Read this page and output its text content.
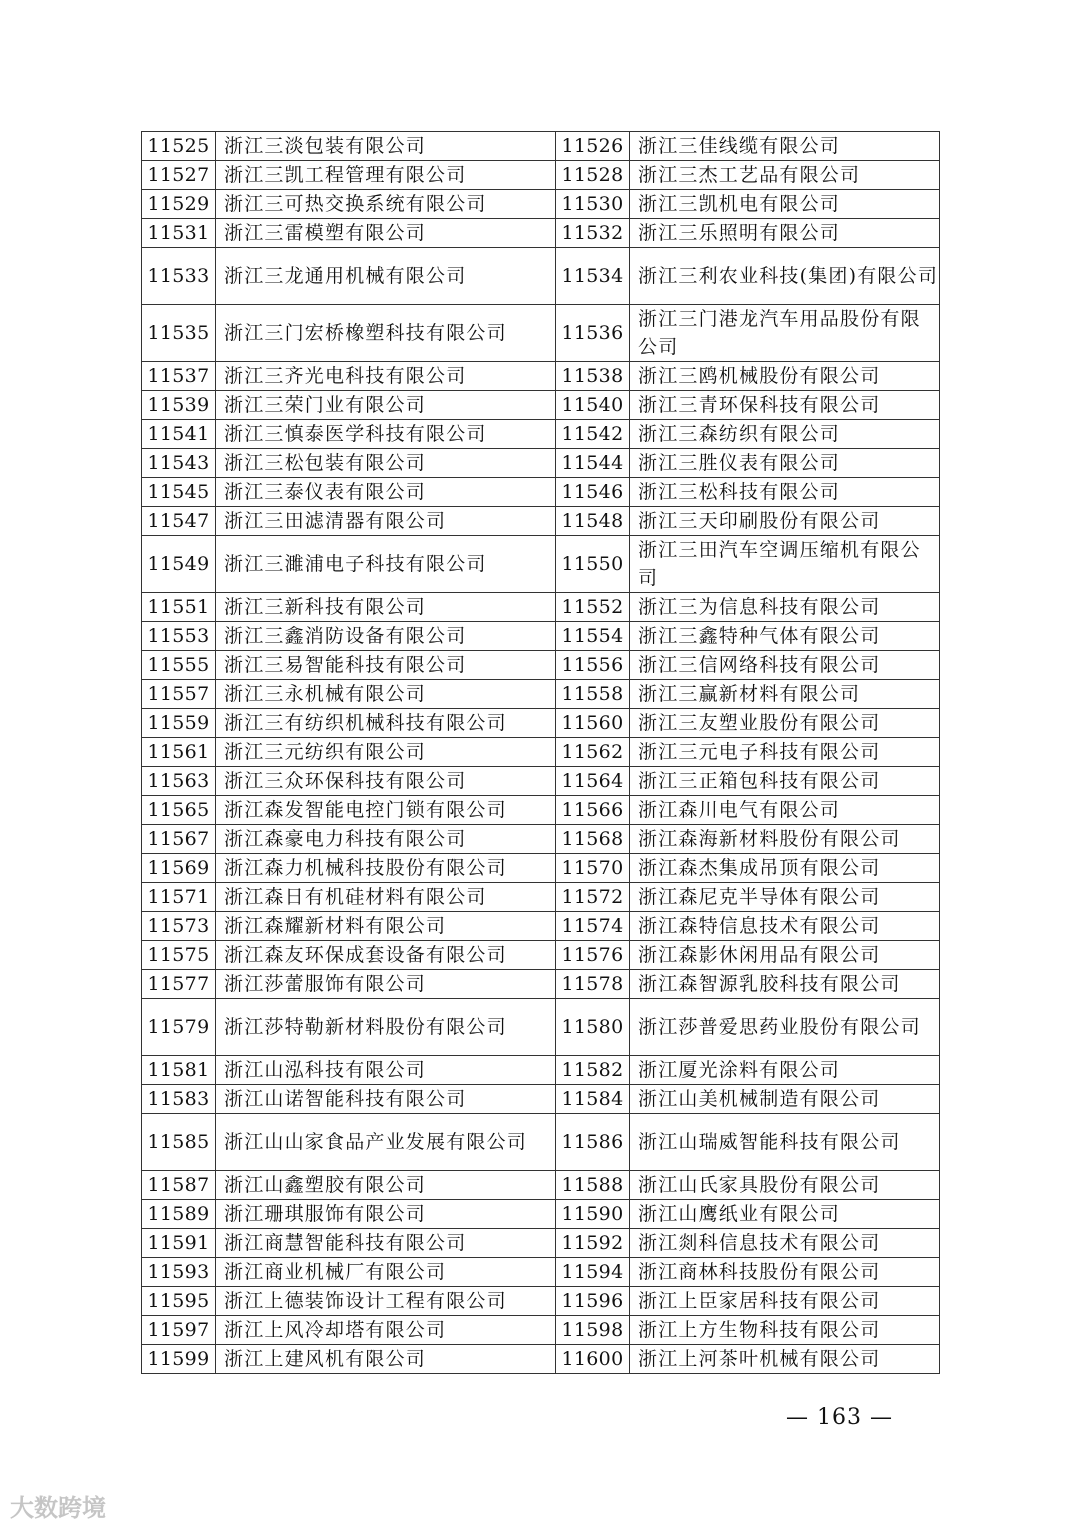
11525	浙江三淡包装有限公司	11526	浙江三佳线缆有限公司
11527	浙江三凯工程管理有限公司	11528	浙江三杰工艺品有限公司
11529	浙江三可热交换系统有限公司	11530	浙江三凯机电有限公司
11531	浙江三雷模塑有限公司	11532	浙江三乐照明有限公司
11533	浙江三龙通用机械有限公司	11534	浙江三利农业科技(集团)有限公司
11535	浙江三门宏桥橡塑科技有限公司	11536	浙江三门港龙汽车用品股份有限公司
11537	浙江三齐光电科技有限公司	11538	浙江三鸥机械股份有限公司
11539	浙江三荣门业有限公司	11540	浙江三青环保科技有限公司
11541	浙江三慎泰医学科技有限公司	11542	浙江三森纺织有限公司
11543	浙江三松包装有限公司	11544	浙江三胜仪表有限公司
11545	浙江三泰仪表有限公司	11546	浙江三松科技有限公司
11547	浙江三田滤清器有限公司	11548	浙江三天印刷股份有限公司
11549	浙江三濉浦电子科技有限公司	11550	浙江三田汽车空调压缩机有限公司
11551	浙江三新科技有限公司	11552	浙江三为信息科技有限公司
11553	浙江三鑫消防设备有限公司	11554	浙江三鑫特种气体有限公司
11555	浙江三易智能科技有限公司	11556	浙江三信网络科技有限公司
11557	浙江三永机械有限公司	11558	浙江三赢新材料有限公司
11559	浙江三有纺织机械科技有限公司	11560	浙江三友塑业股份有限公司
11561	浙江三元纺织有限公司	11562	浙江三元电子科技有限公司
11563	浙江三众环保科技有限公司	11564	浙江三正箱包科技有限公司
11565	浙江森发智能电控门锁有限公司	11566	浙江森川电气有限公司
11567	浙江森豪电力科技有限公司	11568	浙江森海新材料股份有限公司
11569	浙江森力机械科技股份有限公司	11570	浙江森杰集成吊顶有限公司
11571	浙江森日有机硅材料有限公司	11572	浙江森尼克半导体有限公司
11573	浙江森耀新材料有限公司	11574	浙江森特信息技术有限公司
11575	浙江森友环保成套设备有限公司	11576	浙江森影休闲用品有限公司
11577	浙江莎蕾服饰有限公司	11578	浙江森智源乳胶科技有限公司
11579	浙江莎特勒新材料股份有限公司	11580	浙江莎普爱思药业股份有限公司
11581	浙江山泓科技有限公司	11582	浙江厦光涂料有限公司
11583	浙江山诺智能科技有限公司	11584	浙江山美机械制造有限公司
11585	浙江山山家食品产业发展有限公司	11586	浙江山瑞威智能科技有限公司
11587	浙江山鑫塑胶有限公司	11588	浙江山氏家具股份有限公司
11589	浙江珊琪服饰有限公司	11590	浙江山鹰纸业有限公司
11591	浙江商慧智能科技有限公司	11592	浙江剡科信息技术有限公司
11593	浙江商业机械厂有限公司	11594	浙江商林科技股份有限公司
11595	浙江上德装饰设计工程有限公司	11596	浙江上臣家居科技有限公司
11597	浙江上风冷却塔有限公司	11598	浙江上方生物科技有限公司
11599	浙江上建风机有限公司	11600	浙江上河茶叶机械有限公司
— 163 —
大数跨境
